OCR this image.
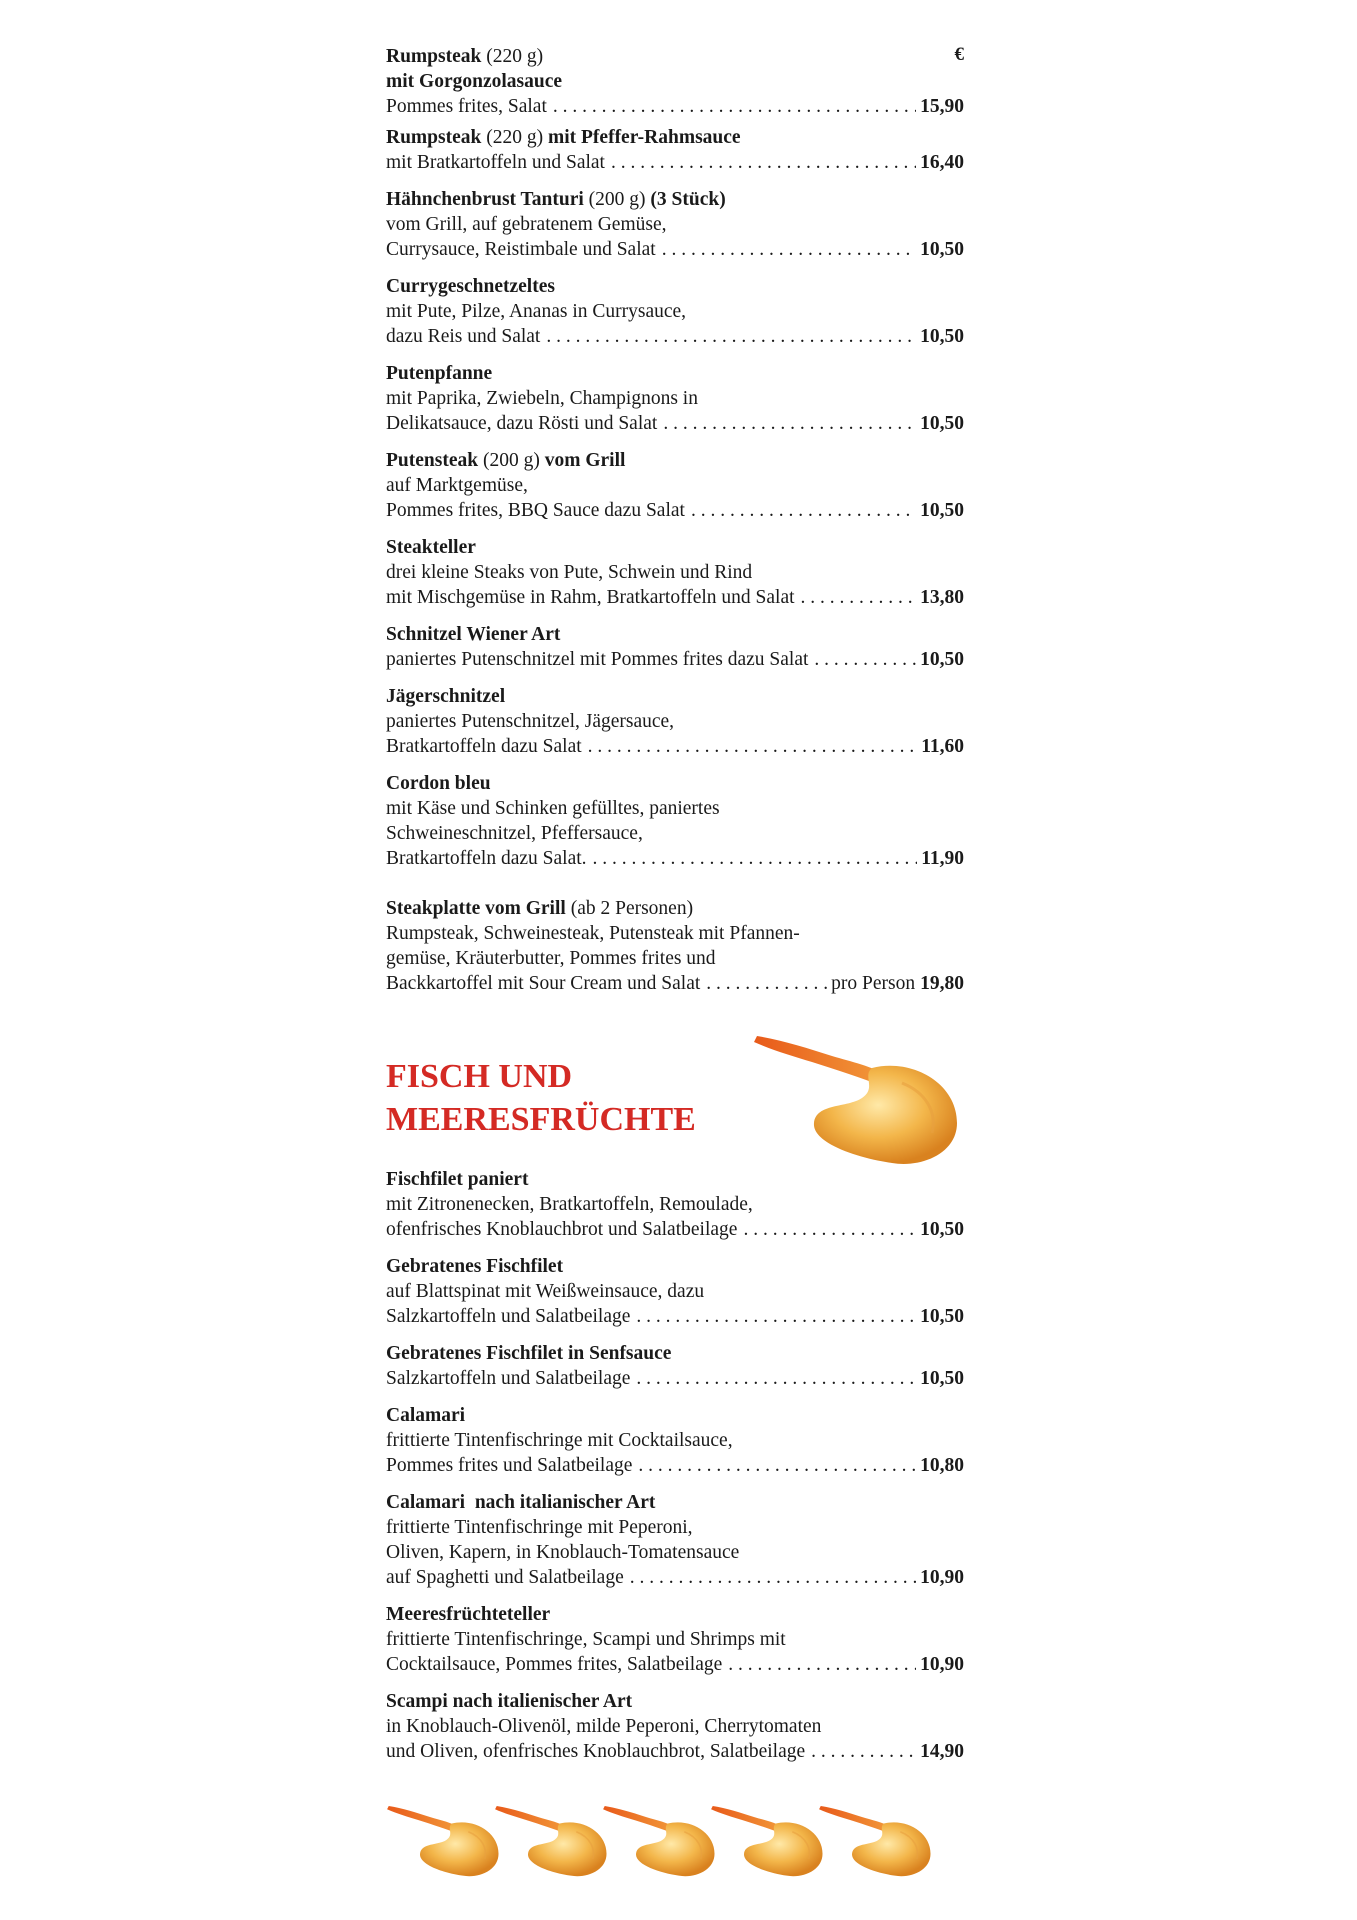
€
Rumpsteak (220 g)
mit Gorgonzolasauce
Pommes frites, Salat . . .	15,90
Rumpsteak (220 g) mit Pfeffer-Rahmsauce
mit Bratkartoffeln und Salat . . .	16,40
Hähnchenbrust Tanturi (200 g) (3 Stück)
vom Grill, auf gebratenem Gemüse,
Currysauce, Reistimbale und Salat . . .	10,50
Currygeschnetzeltes
mit Pute, Pilze, Ananas in Currysauce,
dazu Reis und Salat . . .	10,50
Putenpfanne
mit Paprika, Zwiebeln, Champignons in
Delikatsauce, dazu Rösti und Salat . . .	10,50
Putensteak (200 g) vom Grill
auf Marktgemüse,
Pommes frites, BBQ Sauce dazu Salat . . .	10,50
Steakteller
drei kleine Steaks von Pute, Schwein und Rind
mit Mischgemüse in Rahm, Bratkartoffeln und Salat . . .	13,80
Schnitzel Wiener Art
paniertes Putenschnitzel mit Pommes frites dazu Salat . . .	10,50
Jägerschnitzel
paniertes Putenschnitzel, Jägersauce,
Bratkartoffeln dazu Salat . . .	11,60
Cordon bleu
mit Käse und Schinken gefülltes, paniertes
Schweineschnitzel, Pfeffersauce,
Bratkartoffeln dazu Salat. . . .	11,90
Steakplatte vom Grill (ab 2 Personen)
Rumpsteak, Schweinesteak, Putensteak mit Pfannen-
gemüse, Kräuterbutter, Pommes frites und
Backkartoffel mit Sour Cream und Salat . . .	pro Person 19,80
FISCH UND
MEERESFRÜCHTE
Fischfilet paniert
mit Zitronenecken, Bratkartoffeln, Remoulade,
ofenfrisches Knoblauchbrot und Salatbeilage . . .	10,50
Gebratenes Fischfilet
auf Blattspinat mit Weißweinsauce, dazu
Salzkartoffeln und Salatbeilage . . .	10,50
Gebratenes Fischfilet in Senfsauce
Salzkartoffeln und Salatbeilage . . .	10,50
Calamari
frittierte Tintenfischringe mit Cocktailsauce,
Pommes frites und Salatbeilage . . .	10,80
Calamari  nach italianischer Art
frittierte Tintenfischringe mit Peperoni,
Oliven, Kapern, in Knoblauch-Tomatensauce
auf Spaghetti und Salatbeilage . . .	10,90
Meeresfrüchteteller
frittierte Tintenfischringe, Scampi und Shrimps mit
Cocktailsauce, Pommes frites, Salatbeilage . . .	10,90
Scampi nach italienischer Art
in Knoblauch-Olivenöl, milde Peperoni, Cherrytomaten
und Oliven, ofenfrisches Knoblauchbrot, Salatbeilage . . .	14,90
